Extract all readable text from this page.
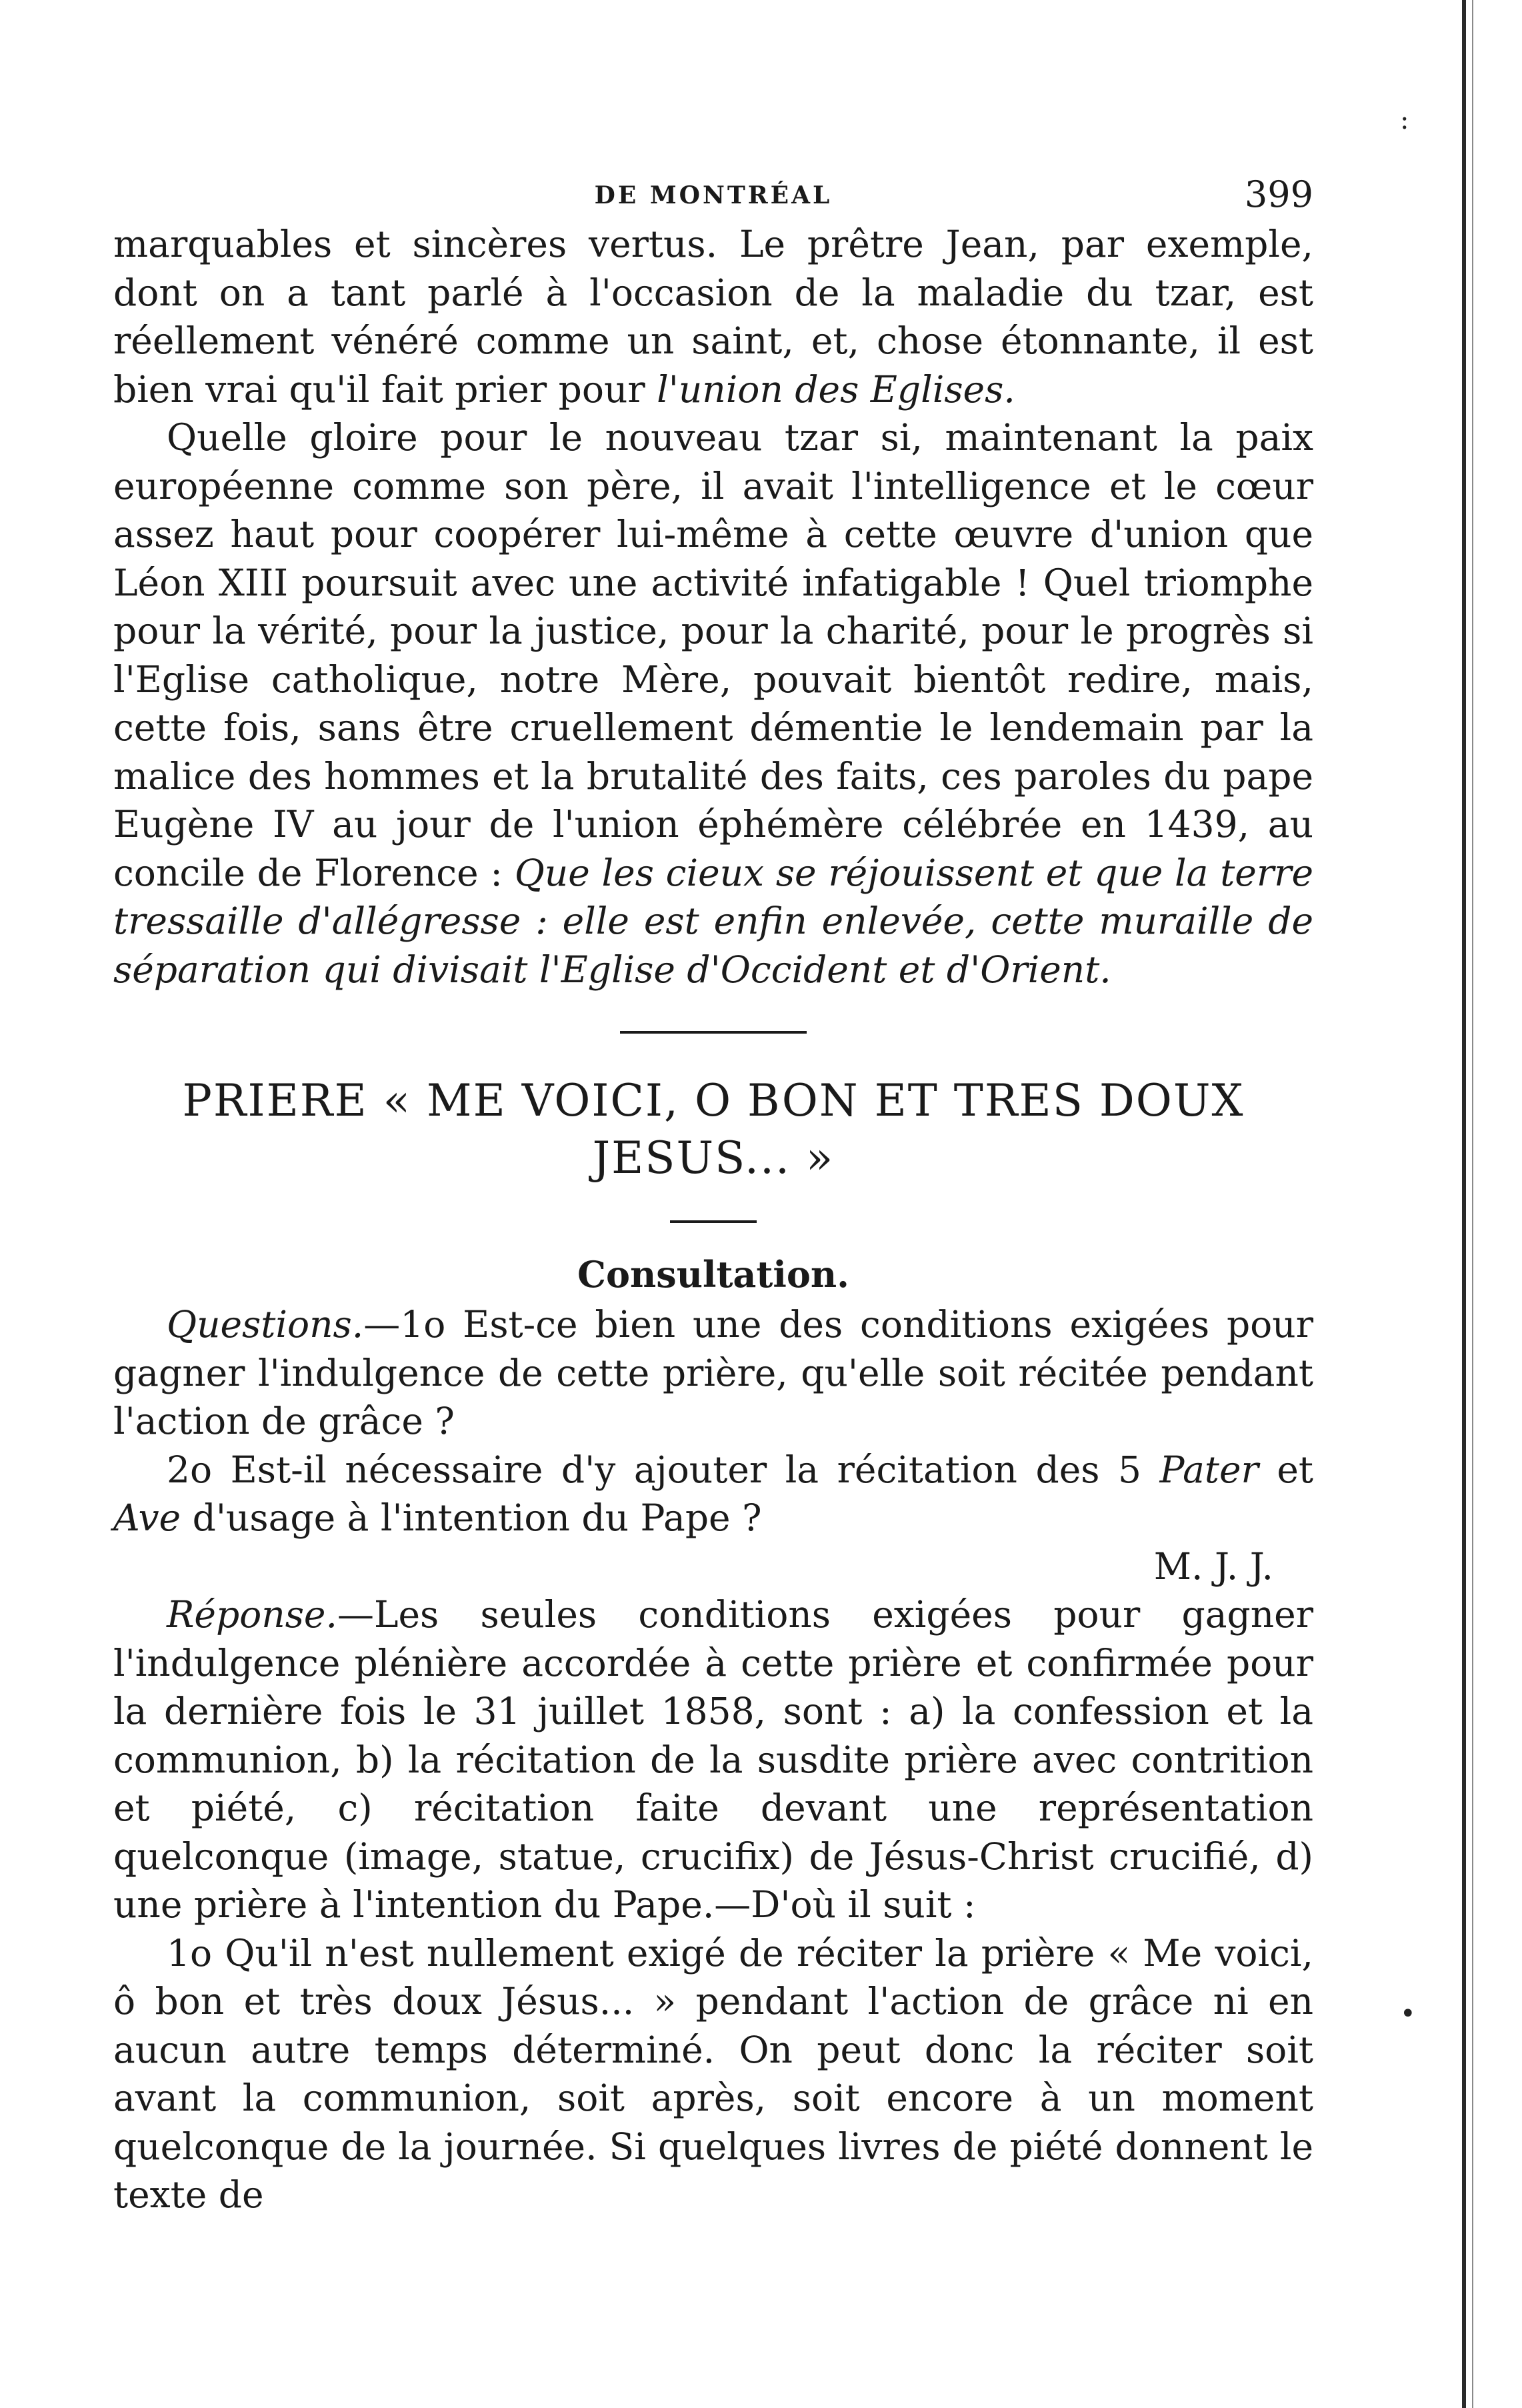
:
•
DE MONTRÉAL	399

marquables et sincères vertus. Le prêtre Jean, par exemple, dont on a tant parlé à l'occasion de la maladie du tzar, est réellement vénéré comme un saint, et, chose étonnante, il est bien vrai qu'il fait prier pour l'union des Eglises.

Quelle gloire pour le nouveau tzar si, maintenant la paix européenne comme son père, il avait l'intelligence et le cœur assez haut pour coopérer lui-même à cette œuvre d'union que Léon XIII poursuit avec une activité infatigable ! Quel triomphe pour la vérité, pour la justice, pour la charité, pour le progrès si l'Eglise catholique, notre Mère, pouvait bientôt redire, mais, cette fois, sans être cruellement démentie le lendemain par la malice des hommes et la brutalité des faits, ces paroles du pape Eugène IV au jour de l'union éphémère célébrée en 1439, au concile de Florence : Que les cieux se réjouissent et que la terre tressaille d'allégresse : elle est enfin enlevée, cette muraille de séparation qui divisait l'Eglise d'Occident et d'Orient.

PRIERE « ME VOICI, O BON ET TRES DOUX JESUS... »
Consultation.

Questions.—1o Est-ce bien une des conditions exigées pour gagner l'indulgence de cette prière, qu'elle soit récitée pendant l'action de grâce ?

2o Est-il nécessaire d'y ajouter la récitation des 5 Pater et Ave d'usage à l'intention du Pape ?

M. J. J.

Réponse.—Les seules conditions exigées pour gagner l'indulgence plénière accordée à cette prière et confirmée pour la dernière fois le 31 juillet 1858, sont : a) la confession et la communion, b) la récitation de la susdite prière avec contrition et piété, c) récitation faite devant une représentation quelconque (image, statue, crucifix) de Jésus-Christ crucifié, d) une prière à l'intention du Pape.—D'où il suit :

1o Qu'il n'est nullement exigé de réciter la prière « Me voici, ô bon et très doux Jésus... » pendant l'action de grâce ni en aucun autre temps déterminé. On peut donc la réciter soit avant la communion, soit après, soit encore à un moment quelconque de la journée. Si quelques livres de piété donnent le texte de
